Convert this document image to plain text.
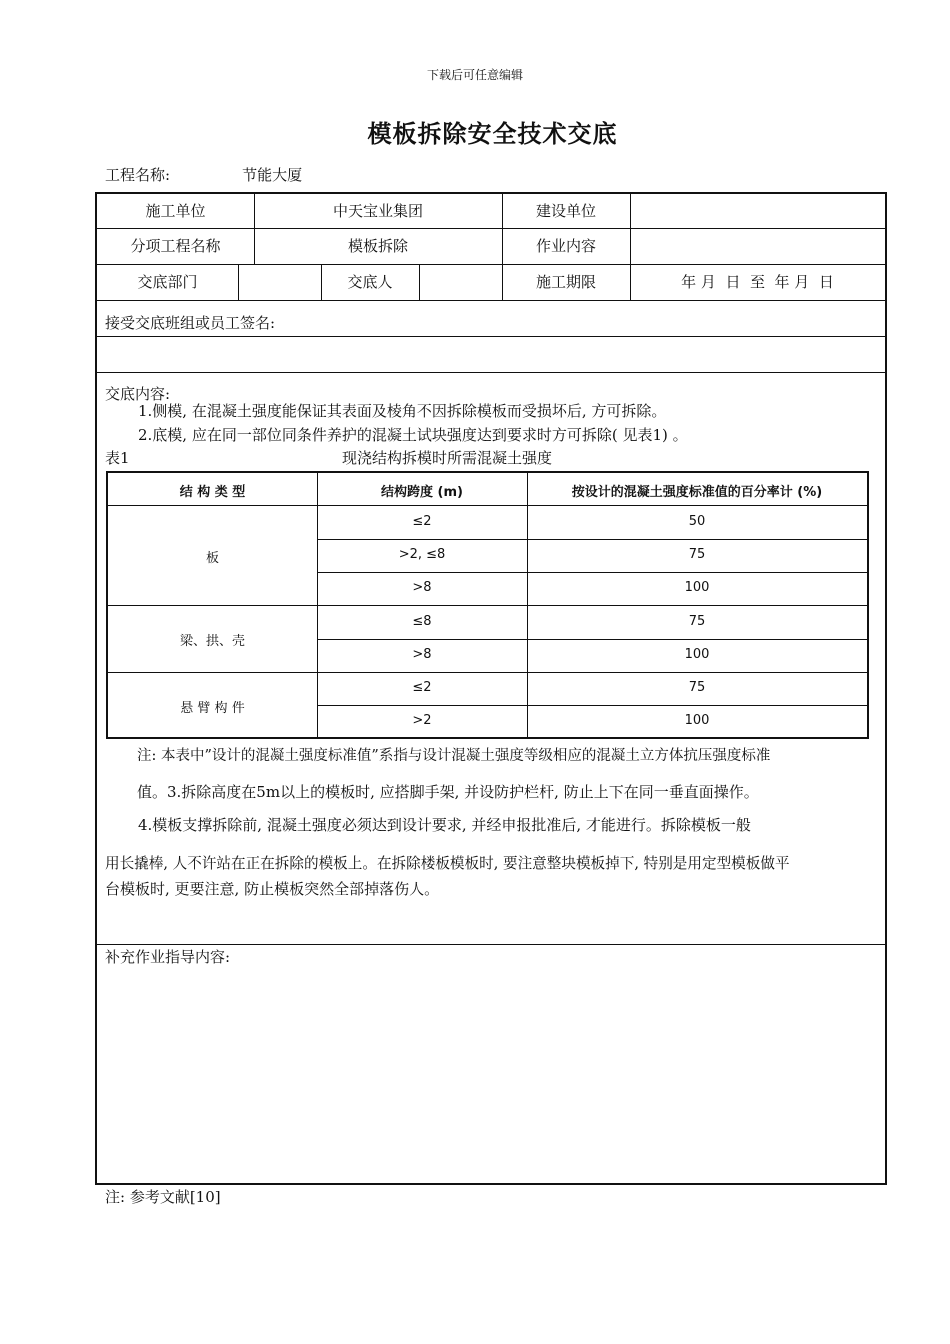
下载后可任意编辑
模板拆除安全技术交底
工程名称:	节能大厦
施工单位	中天宝业集团	建设单位
分项工程名称	模板拆除	作业内容
交底部门	交底人	施工期限	年 月  日  至  年 月  日
接受交底班组或员工签名:
交底内容:
1.侧模, 在混凝土强度能保证其表面及棱角不因拆除模板而受损坏后, 方可拆除。
2.底模, 应在同一部位同条件养护的混凝土试块强度达到要求时方可拆除( 见表1) 。
表1	现浇结构拆模时所需混凝土强度
结 构 类 型	结构跨度 (m)	按设计的混凝土强度标准值的百分率计 (%)
板
≤2	50
>2, ≤8	75
>8	100
梁、拱、壳
≤8	75
>8	100
悬 臂 构 件
≤2	75
>2	100
注: 本表中”设计的混凝土强度标准值”系指与设计混凝土强度等级相应的混凝土立方体抗压强度标准
值。3.拆除高度在5m以上的模板时, 应搭脚手架, 并设防护栏杆, 防止上下在同一垂直面操作。
4.模板支撑拆除前, 混凝土强度必须达到设计要求, 并经申报批准后, 才能进行。拆除模板一般
用长撬棒, 人不许站在正在拆除的模板上。在拆除楼板模板时, 要注意整块模板掉下, 特别是用定型模板做平
台模板时, 更要注意, 防止模板突然全部掉落伤人。
补充作业指导内容:
注: 参考文献[10]
